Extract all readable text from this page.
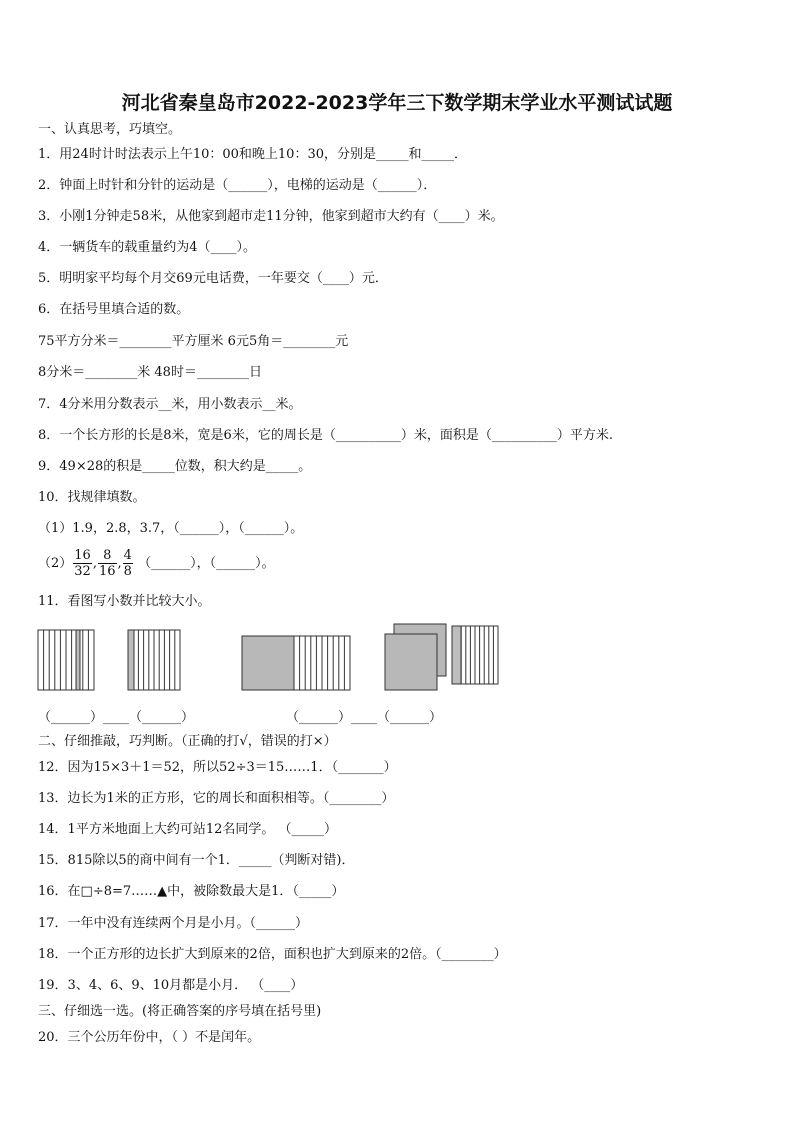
河北省秦皇岛市2022-2023学年三下数学期末学业水平测试试题
一、认真思考，巧填空。
1．用24时计时法表示上午10：00和晚上10：30，分别是_____和_____．
2．钟面上时针和分针的运动是（______），电梯的运动是（______）．
3．小刚1分钟走58米，从他家到超市走11分钟，他家到超市大约有（____）米。
4．一辆货车的载重量约为4（____）。
5．明明家平均每个月交69元电话费，一年要交（____）元．
6．在括号里填合适的数。
75平方分米＝________平方厘米 6元5角＝________元
8分米＝________米 48时＝________日
7．4分米用分数表示__米，用小数表示__米。
8．一个长方形的长是8米，宽是6米，它的周长是（__________）米，面积是（__________）平方米.
9．49×28的积是_____位数，积大约是_____。
10．找规律填数。
（1）1.9，2.8，3.7，（______），（______）。
$(2) \frac{16}{32}$ , $\frac{8}{16}$ , $\frac{4}{8}$ （______），（______）。
11．看图写小数并比较大小。
（______）____（______）	（______）____（______）
二、仔细推敲，巧判断。（正确的打√，错误的打×）
12．因为15×3＋1＝52，所以52÷3＝15……1．（_______）
13．边长为1米的正方形，它的周长和面积相等。（________）
14．1平方米地面上大约可站12名同学。 （_____）
15．815除以5的商中间有一个1．_____（判断对错)．
16．在□÷8=7……▲中，被除数最大是1．（_____）
17．一年中没有连续两个月是小月。（______）
18．一个正方形的边长扩大到原来的2倍，面积也扩大到原来的2倍。（________）
19．3、4、6、9、10月都是小月． （____）
三、仔细选一选。(将正确答案的序号填在括号里)
20．三个公历年份中，（ ）不是闰年。
